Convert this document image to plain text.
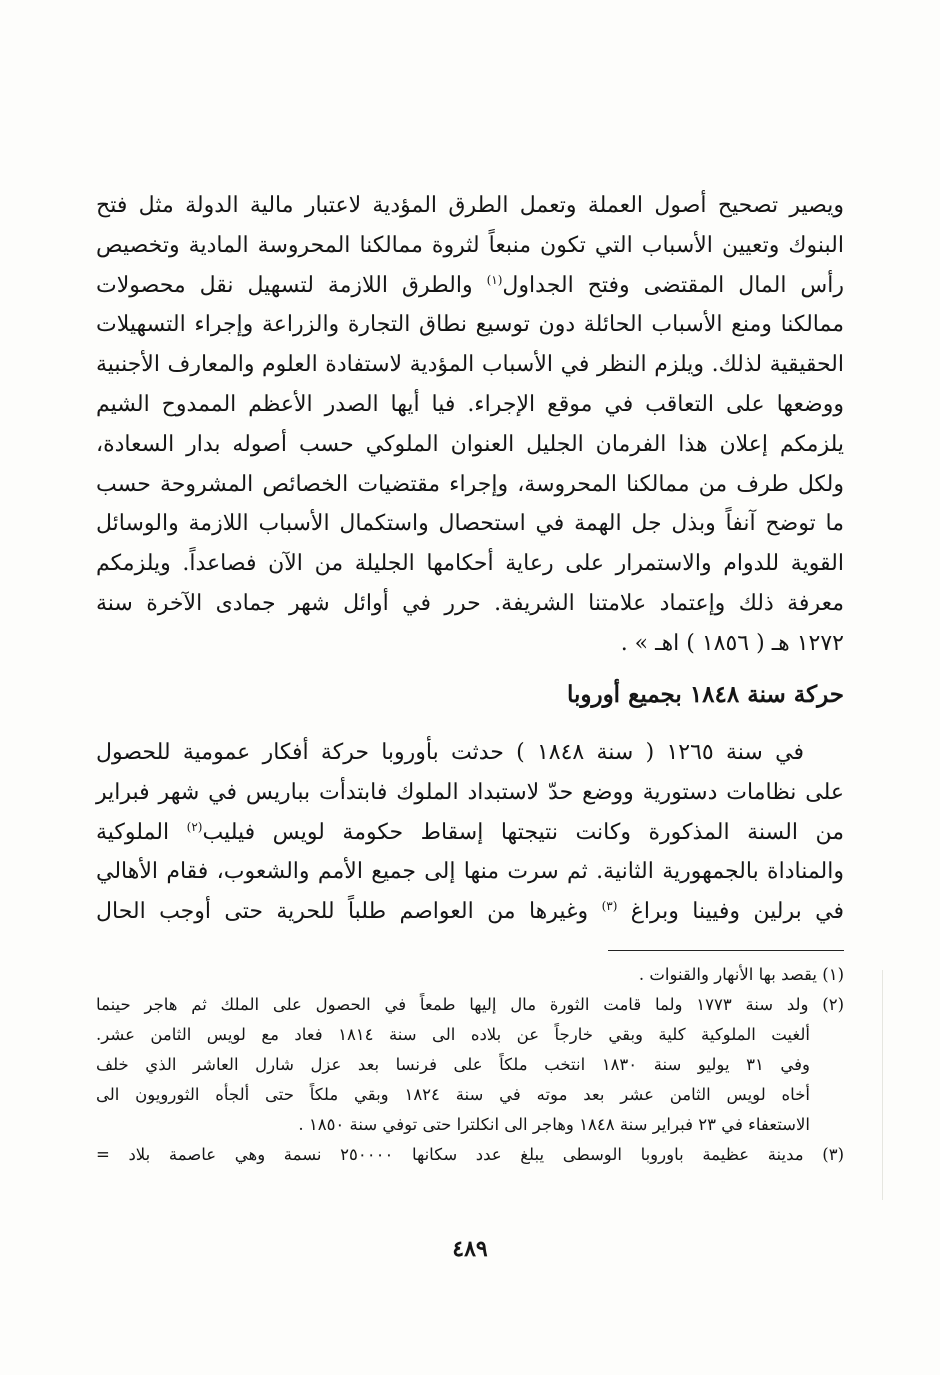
ويصير تصحيح أصول العملة وتعمل الطرق المؤدية لاعتبار مالية الدولة مثل فتح
البنوك وتعيين الأسباب التي تكون منبعاً لثروة ممالكنا المحروسة المادية وتخصيص
رأس المال المقتضى وفتح الجداول$^{(١)}$ والطرق اللازمة لتسهيل نقل محصولات
ممالكنا ومنع الأسباب الحائلة دون توسيع نطاق التجارة والزراعة وإجراء التسهيلات
الحقيقية لذلك. ويلزم النظر في الأسباب المؤدية لاستفادة العلوم والمعارف الأجنبية
ووضعها على التعاقب في موقع الإجراء. فيا أيها الصدر الأعظم الممدوح الشيم
يلزمكم إعلان هذا الفرمان الجليل العنوان الملوكي حسب أصوله بدار السعادة،
ولكل طرف من ممالكنا المحروسة، وإجراء مقتضيات الخصائص المشروحة حسب
ما توضح آنفاً وبذل جل الهمة في استحصال واستكمال الأسباب اللازمة والوسائل
القوية للدوام والاستمرار على رعاية أحكامها الجليلة من الآن فصاعداً. ويلزمكم
معرفة ذلك وإعتماد علامتنا الشريفة. حرر في أوائل شهر جمادى الآخرة سنة
١٢٧٢ هـ ( ١٨٥٦ ) اهـ » .
حركة سنة ١٨٤٨ بجميع أوروبا
في سنة ١٢٦٥ ( سنة ١٨٤٨ ) حدثت بأوروبا حركة أفكار عمومية للحصول
على نظامات دستورية ووضع حدّ لاستبداد الملوك فابتدأت بباريس في شهر فبراير
من السنة المذكورة وكانت نتيجتها إسقاط حكومة لويس فيليب$^{(٢)}$ الملوكية
والمناداة بالجمهورية الثانية. ثم سرت منها إلى جميع الأمم والشعوب، فقام الأهالي
في برلين وفيينا وبراغ $^{(٣)}$ وغيرها من العواصم طلباً للحرية حتى أوجب الحال
(١) يقصد بها الأنهار والقنوات .
(٢) ولد سنة ١٧٧٣ ولما قامت الثورة مال إليها طمعاً في الحصول على الملك ثم هاجر حينما
ألغيت الملوكية كلية وبقي خارجاً عن بلاده الى سنة ١٨١٤ فعاد مع لويس الثامن عشر.
وفي ٣١ يوليو سنة ١٨٣٠ انتخب ملكاً على فرنسا بعد عزل شارل العاشر الذي خلف
أخاه لويس الثامن عشر بعد موته في سنة ١٨٢٤ وبقي ملكاً حتى ألجأه الثورويون الى
الاستعفاء في ٢٣ فبراير سنة ١٨٤٨ وهاجر الى انكلترا حتى توفي سنة ١٨٥٠ .
(٣) مدينة عظيمة باوروبا الوسطى يبلغ عدد سكانها ٢٥٠٠٠٠ نسمة وهي عاصمة بلاد =
٤٨٩
